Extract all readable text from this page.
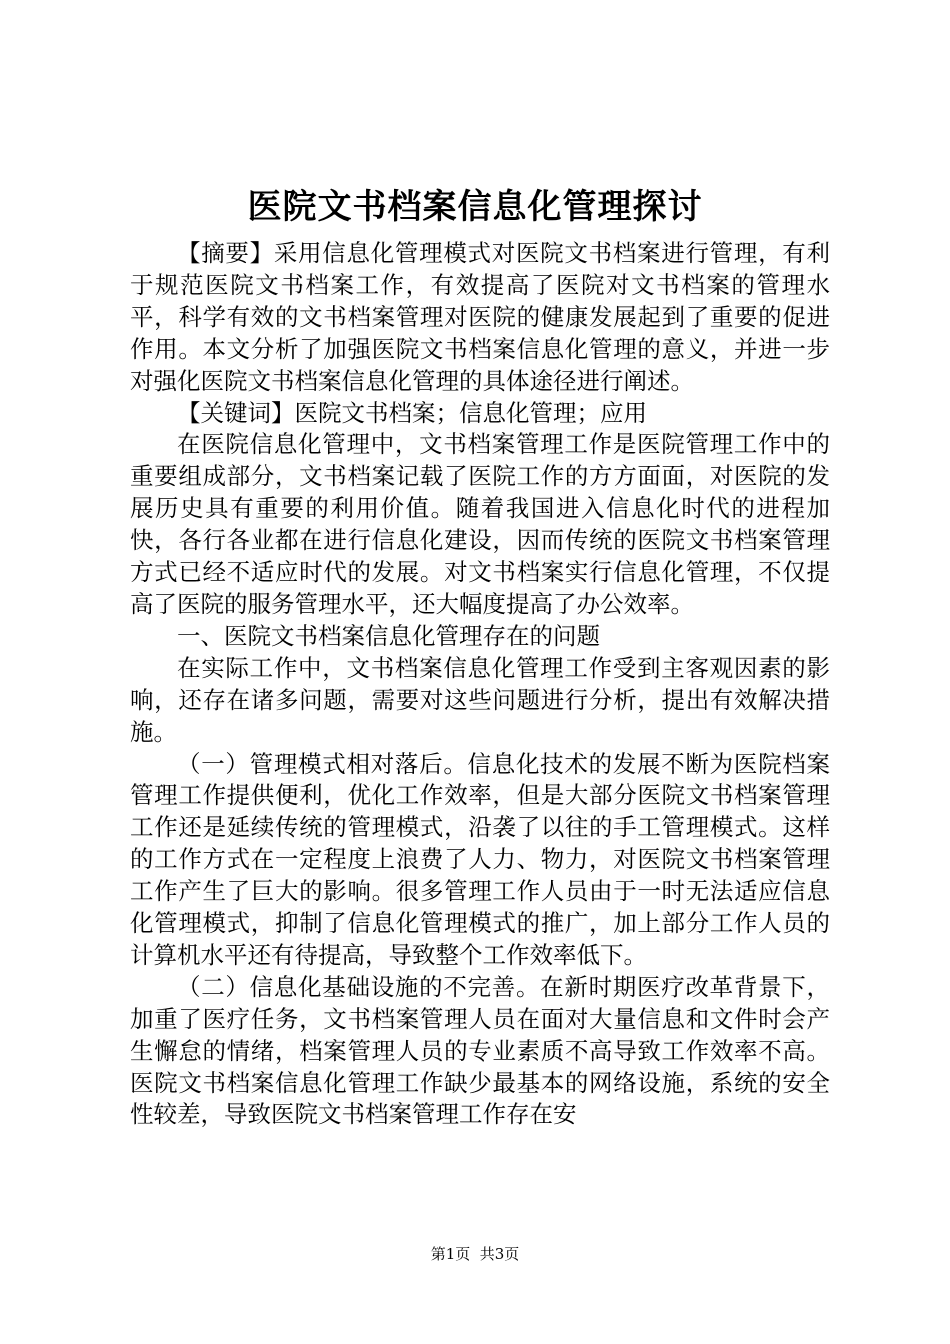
医院文书档案信息化管理探讨

【摘要】采用信息化管理模式对医院文书档案进行管理，有利于规范医院文书档案工作，有效提高了医院对文书档案的管理水平，科学有效的文书档案管理对医院的健康发展起到了重要的促进作用。本文分析了加强医院文书档案信息化管理的意义，并进一步对强化医院文书档案信息化管理的具体途径进行阐述。

【关键词】医院文书档案；信息化管理；应用

在医院信息化管理中，文书档案管理工作是医院管理工作中的重要组成部分，文书档案记载了医院工作的方方面面，对医院的发展历史具有重要的利用价值。随着我国进入信息化时代的进程加快，各行各业都在进行信息化建设，因而传统的医院文书档案管理方式已经不适应时代的发展。对文书档案实行信息化管理，不仅提高了医院的服务管理水平，还大幅度提高了办公效率。

一、医院文书档案信息化管理存在的问题

在实际工作中，文书档案信息化管理工作受到主客观因素的影响，还存在诸多问题，需要对这些问题进行分析，提出有效解决措施。

（一）管理模式相对落后。信息化技术的发展不断为医院档案管理工作提供便利，优化工作效率，但是大部分医院文书档案管理工作还是延续传统的管理模式，沿袭了以往的手工管理模式。这样的工作方式在一定程度上浪费了人力、物力，对医院文书档案管理工作产生了巨大的影响。很多管理工作人员由于一时无法适应信息化管理模式，抑制了信息化管理模式的推广，加上部分工作人员的计算机水平还有待提高，导致整个工作效率低下。

（二）信息化基础设施的不完善。在新时期医疗改革背景下，加重了医疗任务，文书档案管理人员在面对大量信息和文件时会产生懈怠的情绪，档案管理人员的专业素质不高导致工作效率不高。医院文书档案信息化管理工作缺少最基本的网络设施，系统的安全性较差，导致医院文书档案管理工作存在安

第1页  共3页
